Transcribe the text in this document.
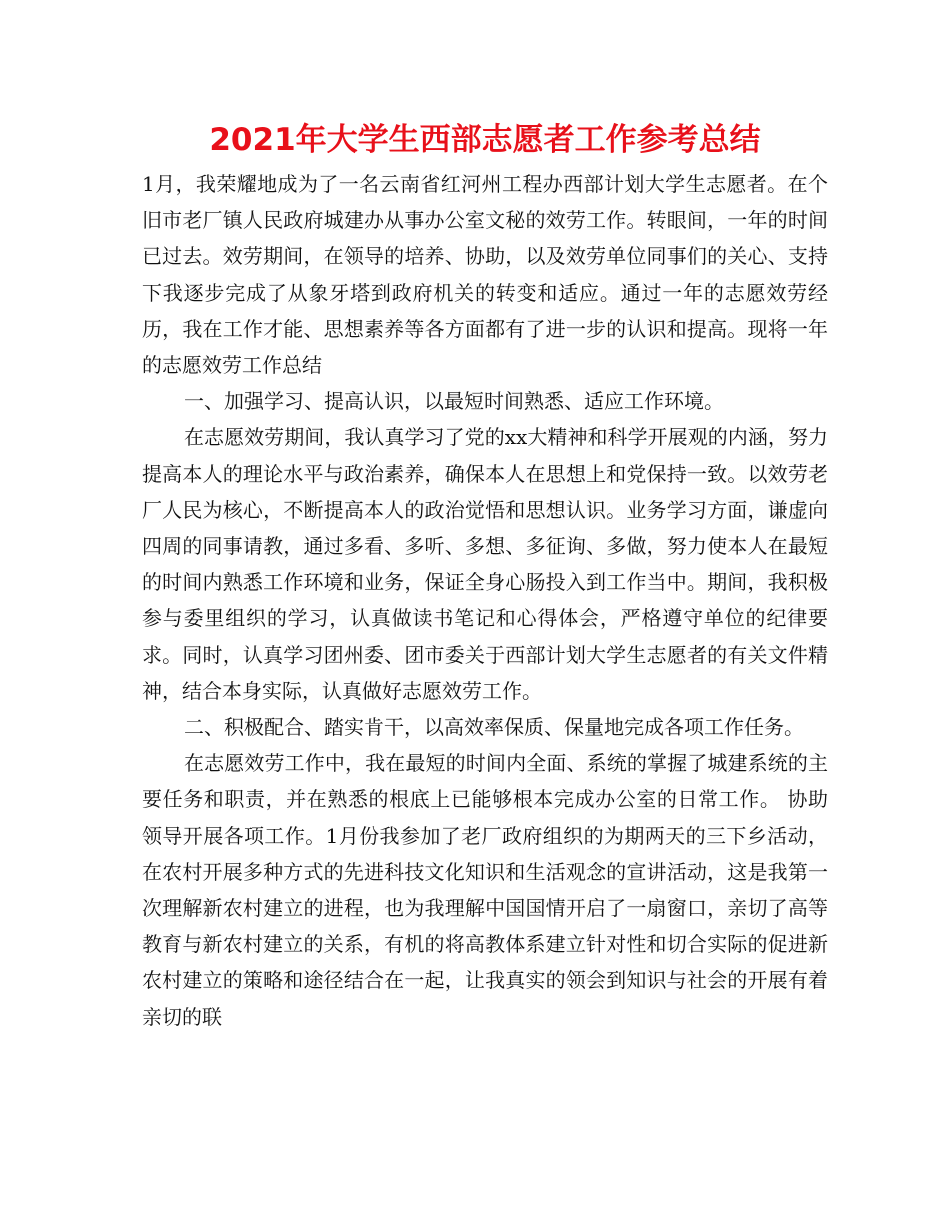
2021年大学生西部志愿者工作参考总结

1月，我荣耀地成为了一名云南省红河州工程办西部计划大学生志愿者。在个旧市老厂镇人民政府城建办从事办公室文秘的效劳工作。转眼间，一年的时间已过去。效劳期间，在领导的培养、协助，以及效劳单位同事们的关心、支持下我逐步完成了从象牙塔到政府机关的转变和适应。通过一年的志愿效劳经历，我在工作才能、思想素养等各方面都有了进一步的认识和提高。现将一年的志愿效劳工作总结

一、加强学习、提高认识，以最短时间熟悉、适应工作环境。

在志愿效劳期间，我认真学习了党的xx大精神和科学开展观的内涵，努力提高本人的理论水平与政治素养，确保本人在思想上和党保持一致。以效劳老厂人民为核心，不断提高本人的政治觉悟和思想认识。业务学习方面，谦虚向四周的同事请教，通过多看、多听、多想、多征询、多做，努力使本人在最短的时间内熟悉工作环境和业务，保证全身心肠投入到工作当中。期间，我积极参与委里组织的学习，认真做读书笔记和心得体会，严格遵守单位的纪律要求。同时，认真学习团州委、团市委关于西部计划大学生志愿者的有关文件精神，结合本身实际，认真做好志愿效劳工作。

二、积极配合、踏实肯干，以高效率保质、保量地完成各项工作任务。

在志愿效劳工作中，我在最短的时间内全面、系统的掌握了城建系统的主要任务和职责，并在熟悉的根底上已能够根本完成办公室的日常工作。 协助领导开展各项工作。1月份我参加了老厂政府组织的为期两天的三下乡活动，在农村开展多种方式的先进科技文化知识和生活观念的宣讲活动，这是我第一次理解新农村建立的进程，也为我理解中国国情开启了一扇窗口，亲切了高等教育与新农村建立的关系，有机的将高教体系建立针对性和切合实际的促进新农村建立的策略和途径结合在一起，让我真实的领会到知识与社会的开展有着亲切的联
